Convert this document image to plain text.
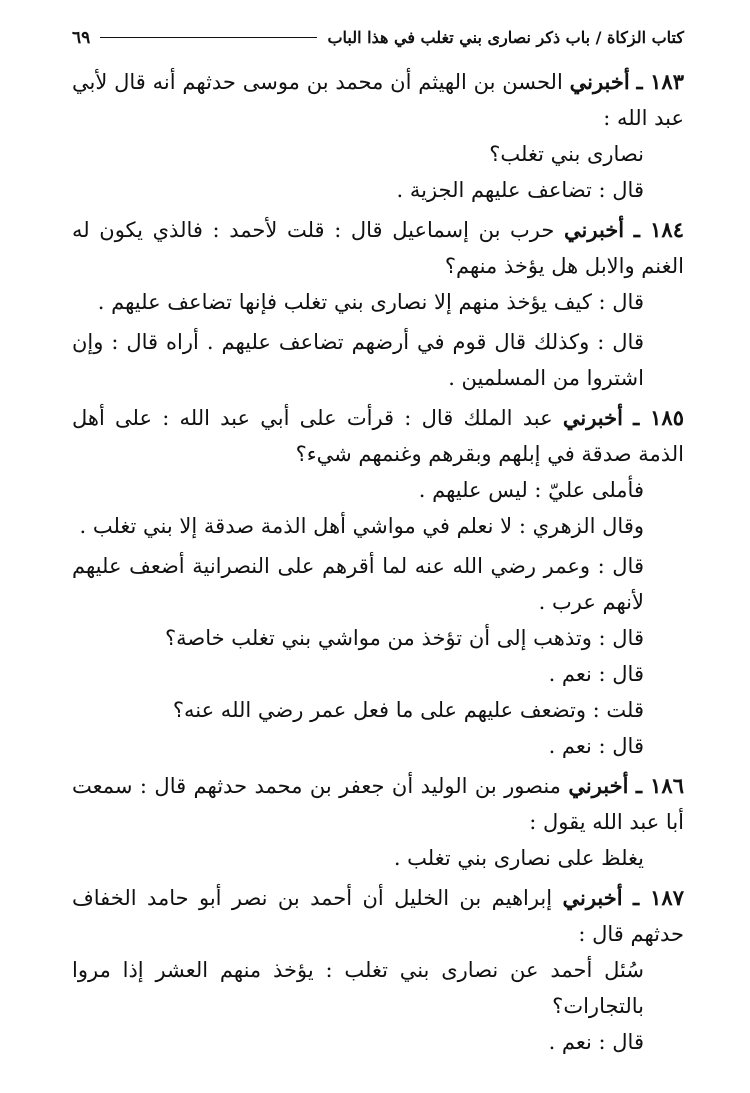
كتاب الزكاة / باب ذكر نصارى بني تغلب في هذا الباب
٦٩

١٨٣ ـ أخبرني الحسن بن الهيثم أن محمد بن موسى حدثهم أنه قال لأبي عبد الله :

نصارى بني تغلب؟

قال : تضاعف عليهم الجزية .

١٨٤ ـ أخبرني حرب بن إسماعيل قال : قلت لأحمد : فالذي يكون له الغنم والابل هل يؤخذ منهم؟

قال : كيف يؤخذ منهم إلا نصارى بني تغلب فإنها تضاعف عليهم .

قال : وكذلك قال قوم في أرضهم تضاعف عليهم . أراه قال : وإن اشتروا من المسلمين .

١٨٥ ـ أخبرني عبد الملك قال : قرأت على أبي عبد الله : على أهل الذمة صدقة في إبلهم وبقرهم وغنمهم شيء؟

فأملى عليّ : ليس عليهم .

وقال الزهري : لا نعلم في مواشي أهل الذمة صدقة إلا بني تغلب .

قال : وعمر رضي الله عنه لما أقرهم على النصرانية أضعف عليهم لأنهم عرب .

قال : وتذهب إلى أن تؤخذ من مواشي بني تغلب خاصة؟

قال : نعم .

قلت : وتضعف عليهم على ما فعل عمر رضي الله عنه؟

قال : نعم .

١٨٦ ـ أخبرني منصور بن الوليد أن جعفر بن محمد حدثهم قال : سمعت أبا عبد الله يقول :

يغلظ على نصارى بني تغلب .

١٨٧ ـ أخبرني إبراهيم بن الخليل أن أحمد بن نصر أبو حامد الخفاف حدثهم قال :

سُئل أحمد عن نصارى بني تغلب : يؤخذ منهم العشر إذا مروا بالتجارات؟

قال : نعم .
